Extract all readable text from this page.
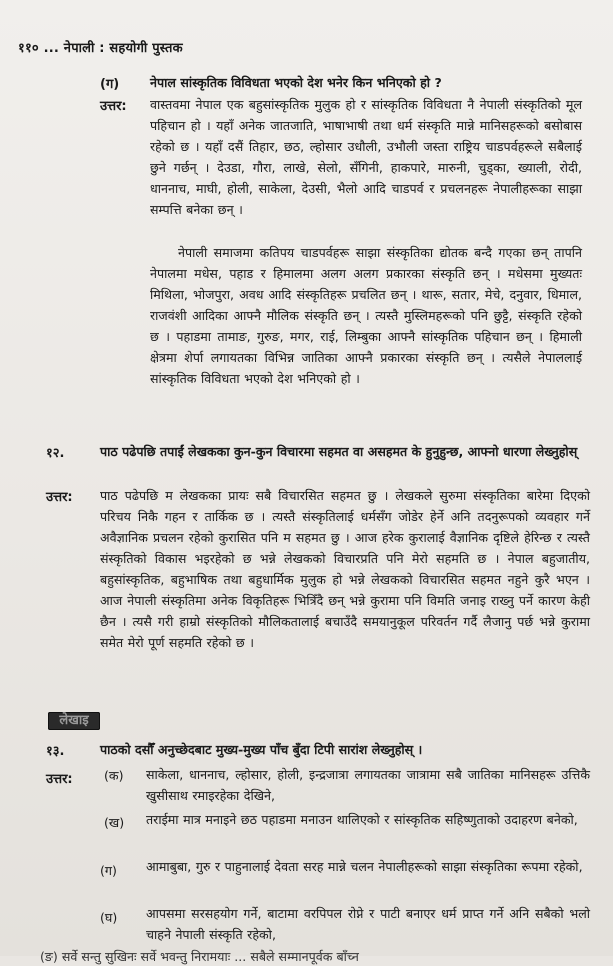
११० ... नेपाली : सहयोगी पुस्तक
(ग) नेपाल सांस्कृतिक विविधता भएको देश भनेर किन भनिएको हो ?
उत्तर: वास्तवमा नेपाल एक बहुसांस्कृतिक मुलुक हो र सांस्कृतिक विविधता नै नेपाली संस्कृतिको मूल पहिचान हो । यहाँ अनेक जातजाति, भाषाभाषी तथा धर्म संस्कृति मान्ने मानिसहरूको बसोबास रहेको छ । यहाँ दसैं तिहार, छठ, ल्होसार उधौली, उभौली जस्ता राष्ट्रिय चाडपर्वहरूले सबैलाई छुने गर्छन् । देउडा, गौरा, लाखे, सेलो, सँगिनी, हाकपारे, मारुनी, चुड्का, ख्याली, रोदी, धाननाच, माघी, होली, साकेला, देउसी, भैलो आदि चाडपर्व र प्रचलनहरू नेपालीहरूका साझा सम्पत्ति बनेका छन् ।
नेपाली समाजमा कतिपय चाडपर्वहरू साझा संस्कृतिका द्योतक बन्दै गएका छन् तापनि नेपालमा मधेस, पहाड र हिमालमा अलग अलग प्रकारका संस्कृति छन् । मधेसमा मुख्यतः मिथिला, भोजपुरा, अवध आदि संस्कृतिहरू प्रचलित छन् । थारू, सतार, मेचे, दनुवार, धिमाल, राजवंशी आदिका आफ्नै मौलिक संस्कृति छन् । त्यस्तै मुस्लिमहरूको पनि छुट्टै, संस्कृति रहेको छ । पहाडमा तामाङ, गुरुङ, मगर, राई, लिम्बुका आफ्नै सांस्कृतिक पहिचान छन् । हिमाली क्षेत्रमा शेर्पा लगायतका विभिन्न जातिका आफ्नै प्रकारका संस्कृति छन् । त्यसैले नेपाललाई सांस्कृतिक विविधता भएको देश भनिएको हो ।
१२.	पाठ पढेपछि तपाईं लेखकका कुन-कुन विचारमा सहमत वा असहमत के हुनुहुन्छ, आफ्नो धारणा लेख्नुहोस्
उत्तर: पाठ पढेपछि म लेखकका प्रायः सबै विचारसित सहमत छु । लेखकले सुरुमा संस्कृतिका बारेमा दिएको परिचय निकै गहन र तार्किक छ । त्यस्तै संस्कृतिलाई धर्मसँग जोडेर हेर्ने अनि तदनुरूपको व्यवहार गर्ने अवैज्ञानिक प्रचलन रहेको कुरासित पनि म सहमत छु । आज हरेक कुरालाई वैज्ञानिक दृष्टिले हेरिन्छ र त्यस्तै संस्कृतिको विकास भइरहेको छ भन्ने लेखकको विचारप्रति पनि मेरो सहमति छ । नेपाल बहुजातीय, बहुसांस्कृतिक, बहुभाषिक तथा बहुधार्मिक मुलुक हो भन्ने लेखकको विचारसित सहमत नहुने कुरै भएन । आज नेपाली संस्कृतिमा अनेक विकृतिहरू भित्रिँदै छन् भन्ने कुरामा पनि विमति जनाइ राख्नु पर्ने कारण केही छैन । त्यसै गरी हाम्रो संस्कृतिको मौलिकतालाई बचाउँदै समयानुकूल परिवर्तन गर्दै लैजानु पर्छ भन्ने कुरामा समेत मेरो पूर्ण सहमति रहेको छ ।
लेखाइ
१३.	पाठको दसौँ अनुच्छेदबाट मुख्य-मुख्य पाँच बुँदा टिपी सारांश लेख्नुहोस् ।
उत्तर: (क) साकेला, धाननाच, ल्होसार, होली, इन्द्रजात्रा लगायतका जात्रामा सबै जातिका मानिसहरू उत्तिकै खुसीसाथ रमाइरहेका देखिने,
(ख) तराईमा मात्र मनाइने छठ पहाडमा मनाउन थालिएको र सांस्कृतिक सहिष्णुताको उदाहरण बनेको,
(ग) आमाबुबा, गुरु र पाहुनालाई देवता सरह मान्ने चलन नेपालीहरूको साझा संस्कृतिका रूपमा रहेको,
(घ) आपसमा सरसहयोग गर्ने, बाटामा वरपिपल रोप्ने र पाटी बनाएर धर्म प्राप्त गर्ने अनि सबैको भलो चाहने नेपाली संस्कृति रहेको,
(ङ) सर्वे सन्तु सुखिनः सर्वे भवन्तु निरामयाः ... सबैले सम्मानपूर्वक बाँच्न
